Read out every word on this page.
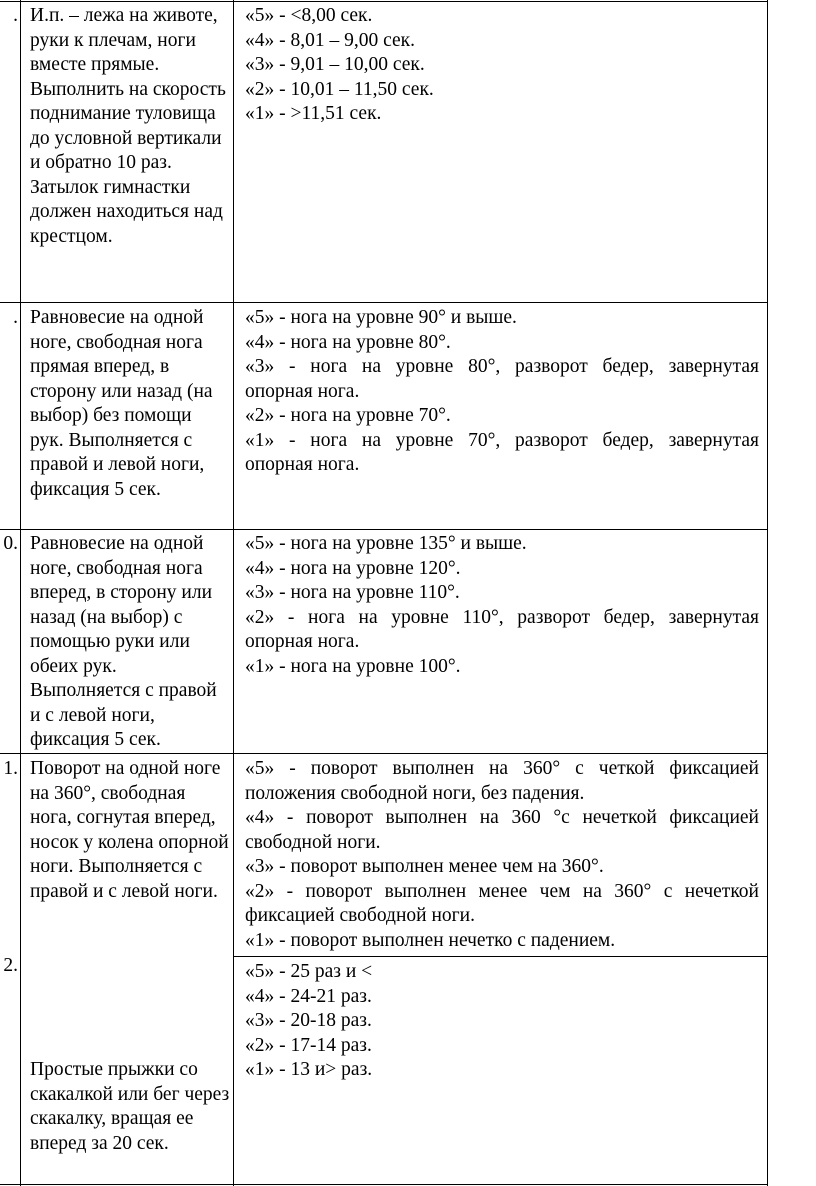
. И.п. – лежа на животе, руки к плечам, ноги вместе прямые. Выполнить на скорость поднимание туловища до условной вертикали и обратно 10 раз. Затылок гимнастки должен находиться над крестцом.
«5» - <8,00 сек.
«4» - 8,01 – 9,00 сек.
«3» - 9,01 – 10,00 сек.
«2» - 10,01 – 11,50 сек.
«1» - >11,51 сек.
. Равновесие на одной ноге, свободная нога прямая вперед, в сторону или назад (на выбор) без помощи рук. Выполняется с правой и левой ноги, фиксация 5 сек.
«5» - нога на уровне 90° и выше.
«4» - нога на уровне 80°.
«3» - нога на уровне 80°, разворот бедер, завернутая
опорная нога.
«2» - нога на уровне 70°.
«1» - нога на уровне 70°, разворот бедер, завернутая
опорная нога.
0. Равновесие на одной ноге, свободная нога вперед, в сторону или назад (на выбор) с помощью руки или обеих рук. Выполняется с правой и с левой ноги, фиксация 5 сек.
«5» - нога на уровне 135° и выше.
«4» - нога на уровне 120°.
«3» - нога на уровне 110°.
«2» - нога на уровне 110°, разворот бедер, завернутая
опорная нога.
«1» - нога на уровне 100°.
1. Поворот на одной ноге на 360°, свободная нога, согнутая вперед, носок у колена опорной ноги. Выполняется с правой и с левой ноги.
«5» - поворот выполнен на 360° с четкой фиксацией
положения свободной ноги, без падения.
«4» - поворот выполнен на 360 °с нечеткой фиксацией
свободной ноги.
«3» - поворот выполнен менее чем на 360°.
«2» - поворот выполнен менее чем на 360° с нечеткой
фиксацией свободной ноги.
«1» - поворот выполнен нечетко с падением.
2.
Простые прыжки со скакалкой или бег через скакалку, вращая ее вперед за 20 сек.
«5» - 25 раз и <
«4» - 24-21 раз.
«3» - 20-18 раз.
«2» - 17-14 раз.
«1» - 13 и> раз.
